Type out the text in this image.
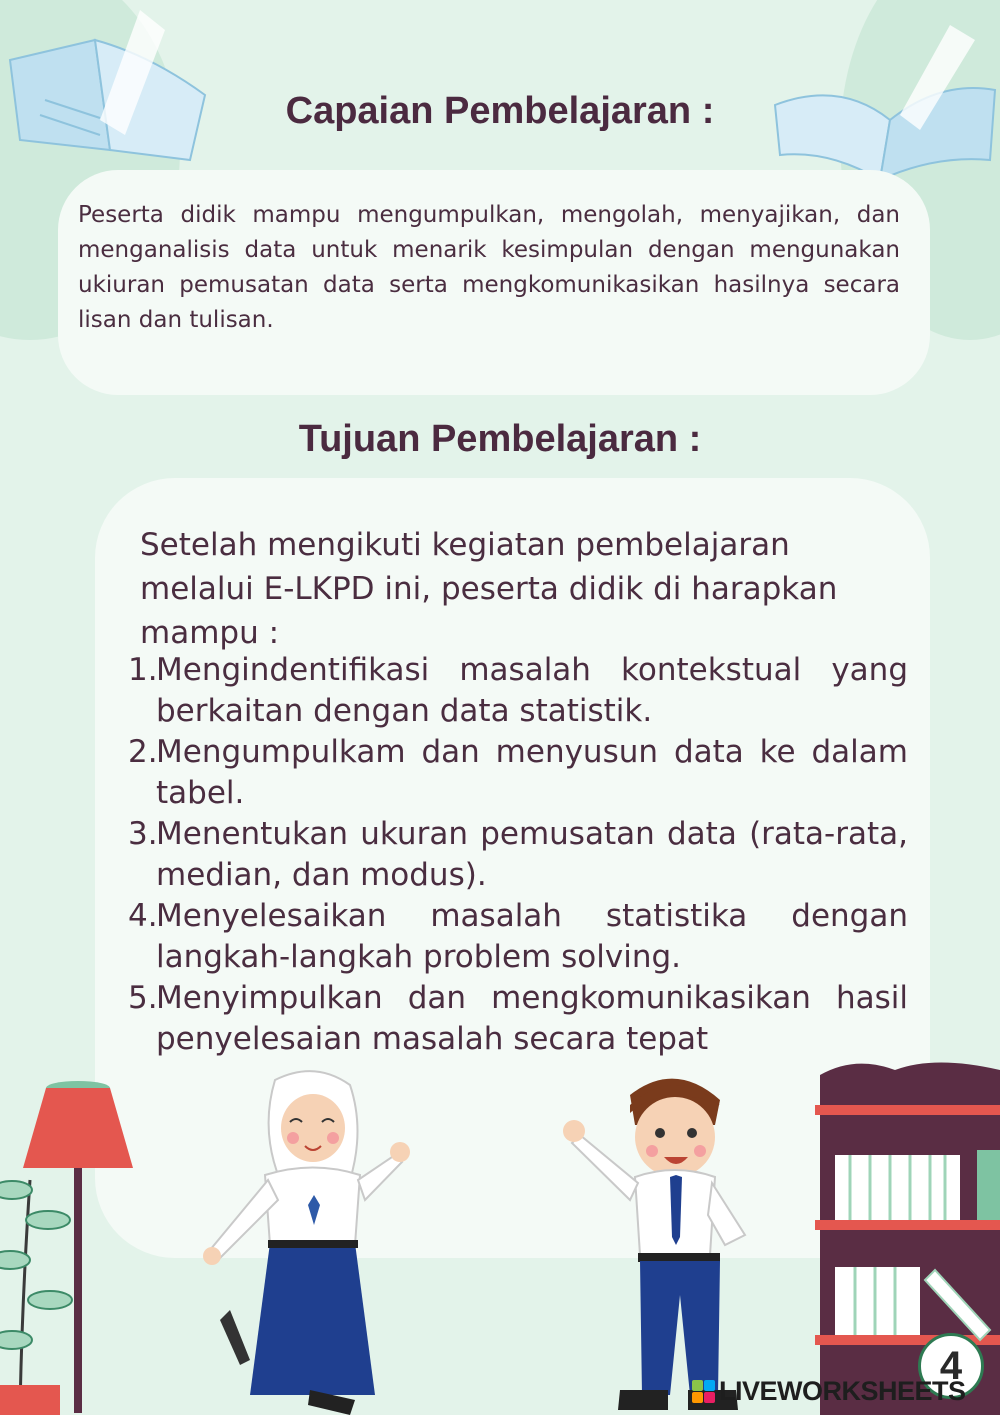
Capaian Pembelajaran :

Peserta didik mampu mengumpulkan, mengolah, menyajikan, dan menganalisis data untuk menarik kesimpulan dengan mengunakan ukiuran pemusatan data serta mengkomunikasikan hasilnya secara lisan dan tulisan.

Tujuan Pembelajaran :

Setelah mengikuti kegiatan pembelajaran melalui E-LKPD ini, peserta didik di harapkan mampu :

1.
Mengindentifikasi masalah kontekstual yang berkaitan dengan data statistik.
2.
Mengumpulkam dan menyusun data ke dalam tabel.
3.
Menentukan ukuran pemusatan data (rata-rata, median, dan modus).
4.
Menyelesaikan masalah statistika dengan langkah-langkah problem solving.
5.
Menyimpulkan dan mengkomunikasikan hasil penyelesaian masalah secara tepat
4
LIVEWORKSHEETS
